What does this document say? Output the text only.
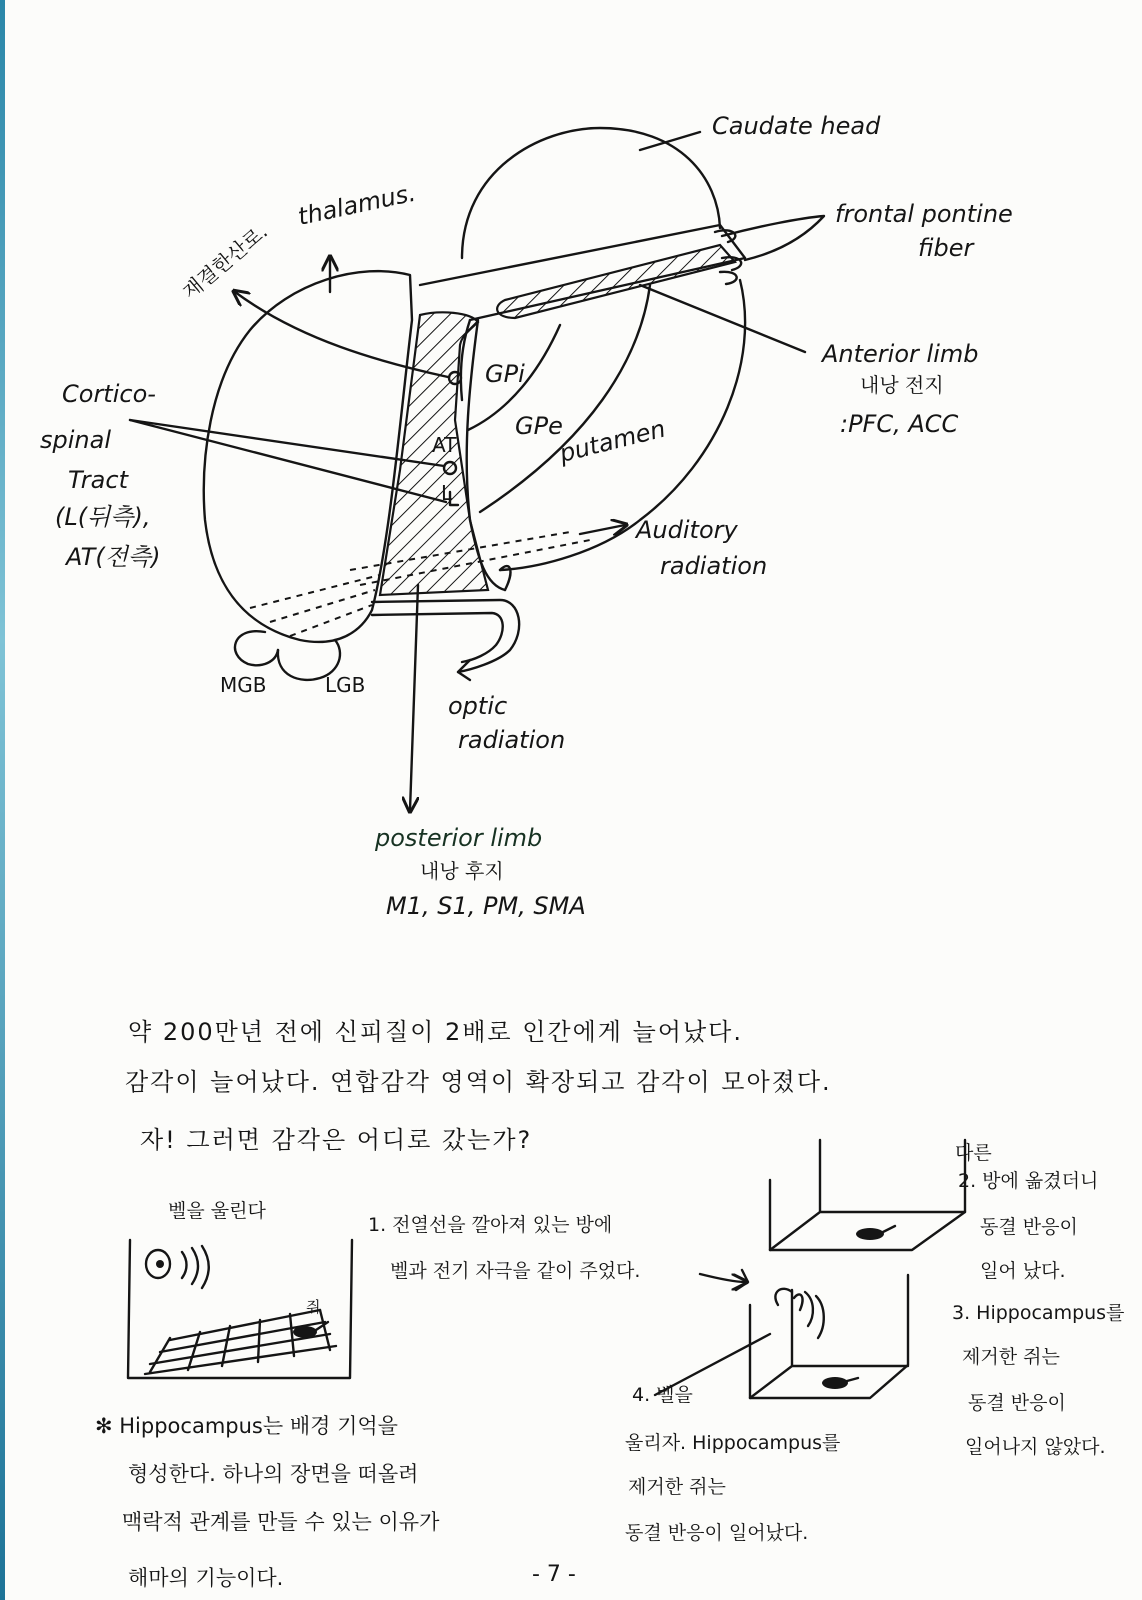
Caudate head
frontal pontine
fiber
thalamus.
재결한산로.
Cortico-
spinal
Tract
(L(뒤측),
AT(전측)
GPi
GPe
putamen
AT
L
Anterior limb
내낭 전지
:PFC, ACC
Auditory
radiation
MGB	LGB
optic
radiation
posterior limb
내낭 후지
M1, S1, PM, SMA
약 200만년 전에 신피질이 2배로 인간에게 늘어났다.
감각이 늘어났다. 연합감각 영역이 확장되고 감각이 모아졌다.
자! 그러면 감각은 어디로 갔는가?
벨을 울린다
쥐
1. 전열선을 깔아져 있는 방에
벨과 전기 자극을 같이 주었다.
다른
2. 방에 옮겼더니
동결 반응이
일어 났다.
3. Hippocampus를
제거한 쥐는
동결 반응이
일어나지 않았다.
4. 벨을
울리자. Hippocampus를
제거한 쥐는
동결 반응이 일어났다.
✻ Hippocampus는 배경 기억을
형성한다. 하나의 장면을 떠올려
맥락적 관계를 만들 수 있는 이유가
해마의 기능이다.	- 7 -
